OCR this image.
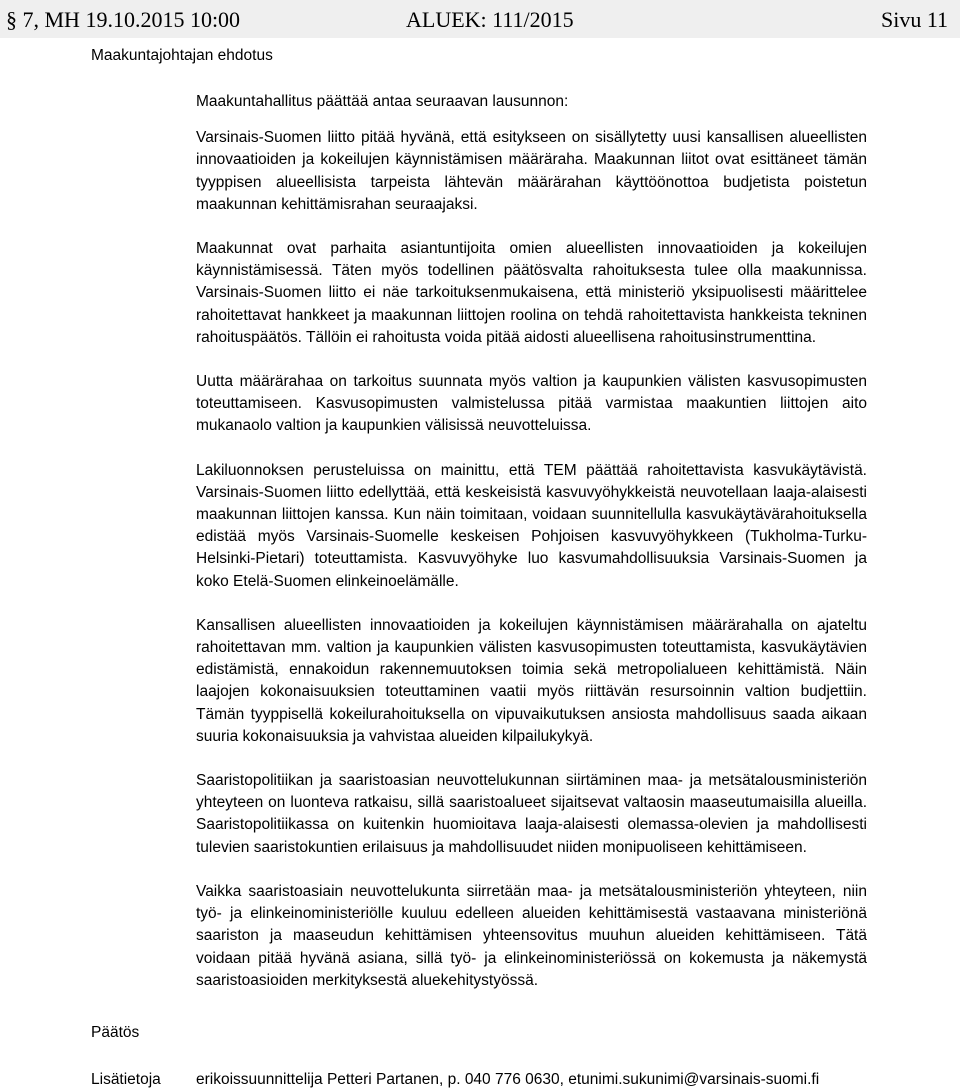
§ 7, MH 19.10.2015 10:00	ALUEK: 111/2015	Sivu 11
Maakuntajohtajan ehdotus

Maakuntahallitus päättää antaa seuraavan lausunnon:

Varsinais-Suomen liitto pitää hyvänä, että esitykseen on sisällytetty uusi kansallisen alueellisten innovaatioiden ja kokeilujen käynnistämisen määräraha. Maakunnan liitot ovat esittäneet tämän tyyppisen alueellisista tarpeista lähtevän määrärahan käyttöönottoa budjetista poistetun maakunnan kehittämisrahan seuraajaksi.

Maakunnat ovat parhaita asiantuntijoita omien alueellisten innovaatioiden ja kokeilujen käynnistämisessä. Täten myös todellinen päätösvalta rahoituksesta tulee olla maakunnissa. Varsinais-Suomen liitto ei näe tarkoituksenmukaisena, että ministeriö yksipuolisesti määrittelee rahoitettavat hankkeet ja maakunnan liittojen roolina on tehdä rahoitettavista hankkeista tekninen rahoituspäätös. Tällöin ei rahoitusta voida pitää aidosti alueellisena rahoitusinstrumenttina.

Uutta määrärahaa on tarkoitus suunnata myös valtion ja kaupunkien välisten kasvusopimusten toteuttamiseen. Kasvusopimusten valmistelussa pitää varmistaa maakuntien liittojen aito mukanaolo valtion ja kaupunkien välisissä neuvotteluissa.

Lakiluonnoksen perusteluissa on mainittu, että TEM päättää rahoitettavista kasvukäytävistä. Varsinais-Suomen liitto edellyttää, että keskeisistä kasvuvyöhykkeistä neuvotellaan laaja-alaisesti maakunnan liittojen kanssa. Kun näin toimitaan, voidaan suunnitellulla kasvukäytävärahoituksella edistää myös Varsinais-Suomelle keskeisen Pohjoisen kasvuvyöhykkeen (Tukholma-Turku-Helsinki-Pietari) toteuttamista. Kasvuvyöhyke luo kasvumahdollisuuksia Varsinais-Suomen ja koko Etelä-Suomen elinkeinoelämälle.

Kansallisen alueellisten innovaatioiden ja kokeilujen käynnistämisen määrärahalla on ajateltu rahoitettavan mm. valtion ja kaupunkien välisten kasvusopimusten toteuttamista, kasvukäytävien edistämistä, ennakoidun rakennemuutoksen toimia sekä metropolialueen kehittämistä. Näin laajojen kokonaisuuksien toteuttaminen vaatii myös riittävän resursoinnin valtion budjettiin. Tämän tyyppisellä kokeilurahoituksella on vipuvaikutuksen ansiosta mahdollisuus saada aikaan suuria kokonaisuuksia ja vahvistaa alueiden kilpailukykyä.

Saaristopolitiikan ja saaristoasian neuvottelukunnan siirtäminen maa- ja metsätalousministeriön yhteyteen on luonteva ratkaisu, sillä saaristoalueet sijaitsevat valtaosin maaseutumaisilla alueilla. Saaristopolitiikassa on kuitenkin huomioitava laaja-alaisesti olemassa-olevien ja mahdollisesti tulevien saaristokuntien erilaisuus ja mahdollisuudet niiden monipuoliseen kehittämiseen.

Vaikka saaristoasiain neuvottelukunta siirretään maa- ja metsätalousministeriön yhteyteen, niin työ- ja elinkeinoministeriölle kuuluu edelleen alueiden kehittämisestä vastaavana ministeriönä saariston ja maaseudun kehittämisen yhteensovitus muuhun alueiden kehittämiseen. Tätä voidaan pitää hyvänä asiana, sillä työ- ja elinkeinoministeriössä on kokemusta ja näkemystä saaristoasioiden merkityksestä aluekehitystyössä.

Päätös
Lisätietoja erikoissuunnittelija Petteri Partanen, p. 040 776 0630, etunimi.sukunimi@varsinais-suomi.fi
